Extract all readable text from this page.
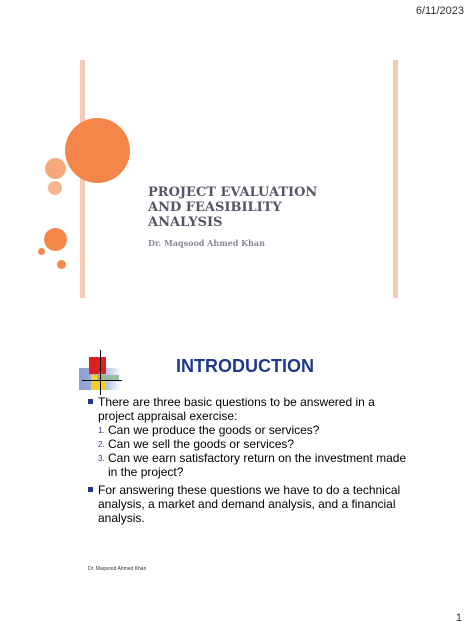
6/11/2023

PROJECT EVALUATION AND FEASIBILITY ANALYSIS

Dr. Maqsood Ahmed Khan

INTRODUCTION
There are three basic questions to be answered in a project appraisal exercise:
1. Can we produce the goods or services?
2. Can we sell the goods or services?
3. Can we earn satisfactory return on the investment made in the project?
For answering these questions we have to do a technical analysis, a market and demand analysis, and a financial analysis.
Dr. Maqsood Ahmed Khan
1
